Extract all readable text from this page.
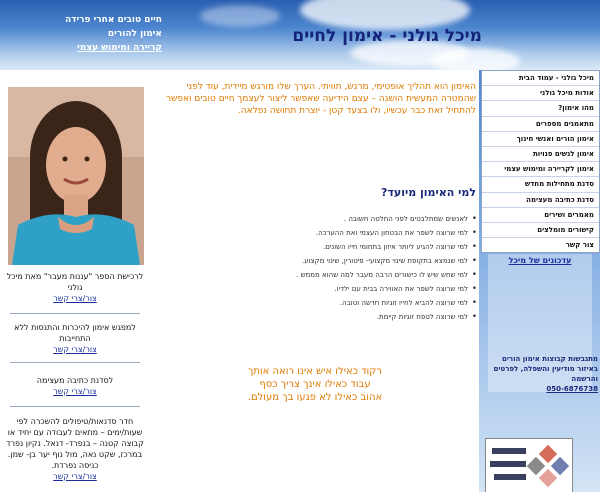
מיכל גולני - אימון לחיים
חיים טובים אחרי פרידה
אימון להורים
קריירה ומימוש עצמי
לרכישת הספר "עננות מעבר" מאת מיכל גולני
צור/צרי קשר
למפגש אימון להיכרות והתנסות ללא התחייבות
צור/צרי קשר
לסדנת כתיבה מעצימה
צור/צרי קשר
חדר סדנאות/טיפולים להשכרה לפי שעות/ימים – מתאים לעבודה עם יחיד או קבוצה קטנה – בנפרד- דנאל. נקיון נפרד במרכז, שקט נאה, מול נוף יער בן- שמן. כניסה נפרדת.
צור/צרי קשר
האימון הוא תהליך אופטימי, מרגש, חוויתי. הערך שלו מורגש מיידית, עוד לפני שהמטרה המעשית הושגה – עצם הידיעה שאפשר ליצור לעצמך חיים טובים ואפשר להתחיל זאת כבר עכשיו, ולו בצעד קטן - יוצרת תחושה נפלאה.
למי האימון מיועד?
• לאנשים שמתלבטים לפני החלטה חשובה .
• למי שרוצה לשפר את הבטחון העצמי ואת ההערכה.
• למי שרוצה להגיע ליותר איזון בתחומי חייו השונים.
• למי שנמצא בתקופת שינוי מקצועי- פיטורין, שינוי מקצוע.
• למי שחש שיש לו כישורים הרבה מעבר למה שהוא מממש .
• למי שרוצה לשפר את האווירה בבית עם ילדיו.
• למי שרוצה להביא לחייו זוגיות חדשה וטובה.
• למי שרוצה לטפח זוגיות קיימת.
רקוד כאילו איש אינו רואה אותך
עבוד כאילו אינך צריך כסף
אהוב כאילו לא פגעו בך מעולם.
מיכל גולני - עמוד הבית
אודות מיכל גולני
מהו אימון?
מתאמנים מספרים
אימון הורים ואנשי חינוך
אימון לנשים פנויות
אימון לקריירה ומימוש עצמי
סדנת מתחילות מחדש
סדנת כתיבה מעצימה
מאמרים ושירים
קישורים מומלצים
צור קשר
עדכונים של מיכל
מתגבשות קבוצות אימון הורים באיזור מודיעין והשפלה, לפרטים והרשמה
050-6876738
